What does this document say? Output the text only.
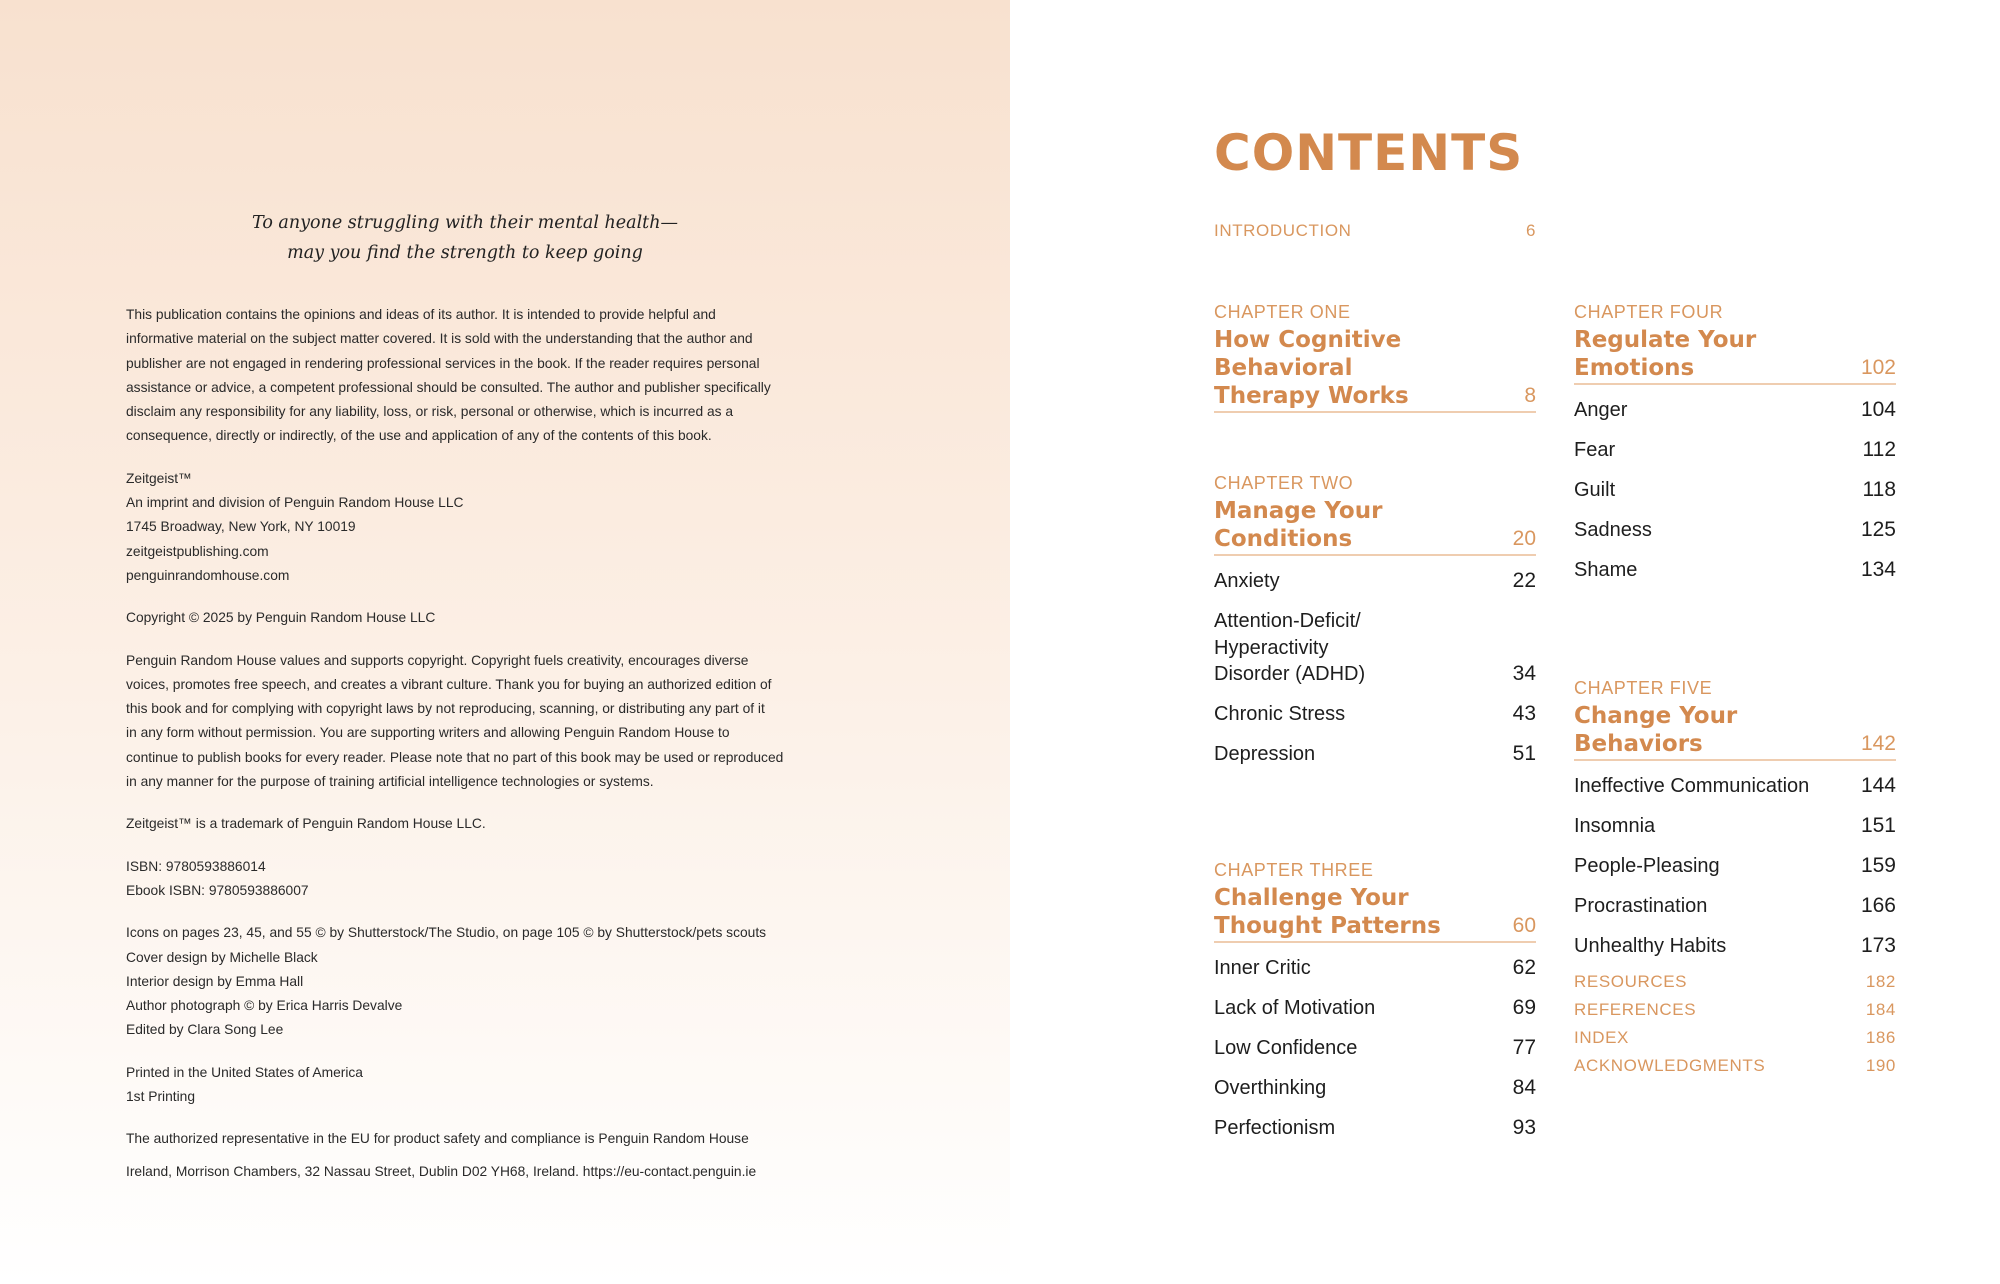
To anyone struggling with their mental health—
may you find the strength to keep going

This publication contains the opinions and ideas of its author. It is intended to provide helpful and
informative material on the subject matter covered. It is sold with the understanding that the author and
publisher are not engaged in rendering professional services in the book. If the reader requires personal
assistance or advice, a competent professional should be consulted. The author and publisher specifically
disclaim any responsibility for any liability, loss, or risk, personal or otherwise, which is incurred as a
consequence, directly or indirectly, of the use and application of any of the contents of this book.

Zeitgeist™
An imprint and division of Penguin Random House LLC
1745 Broadway, New York, NY 10019
zeitgeistpublishing.com
penguinrandomhouse.com

Copyright © 2025 by Penguin Random House LLC

Penguin Random House values and supports copyright. Copyright fuels creativity, encourages diverse
voices, promotes free speech, and creates a vibrant culture. Thank you for buying an authorized edition of
this book and for complying with copyright laws by not reproducing, scanning, or distributing any part of it
in any form without permission. You are supporting writers and allowing Penguin Random House to
continue to publish books for every reader. Please note that no part of this book may be used or reproduced
in any manner for the purpose of training artificial intelligence technologies or systems.

Zeitgeist™ is a trademark of Penguin Random House LLC.

ISBN: 9780593886014
Ebook ISBN: 9780593886007

Icons on pages 23, 45, and 55 © by Shutterstock/The Studio, on page 105 © by Shutterstock/pets scouts
Cover design by Michelle Black
Interior design by Emma Hall
Author photograph © by Erica Harris Devalve
Edited by Clara Song Lee

Printed in the United States of America
1st Printing

The authorized representative in the EU for product safety and compliance is Penguin Random House
Ireland, Morrison Chambers, 32 Nassau Street, Dublin D02 YH68, Ireland. https://eu-contact.penguin.ie

CONTENTS
INTRODUCTION	6
CHAPTER ONE
How Cognitive
Behavioral
Therapy Works	8
CHAPTER TWO
Manage Your
Conditions	20
Anxiety	22
Attention-Deficit/
Hyperactivity
Disorder (ADHD)	34
Chronic Stress	43
Depression	51
CHAPTER THREE
Challenge Your
Thought Patterns	60
Inner Critic	62
Lack of Motivation	69
Low Confidence	77
Overthinking	84
Perfectionism	93
CHAPTER FOUR
Regulate Your
Emotions	102
Anger	104
Fear	112
Guilt	118
Sadness	125
Shame	134
CHAPTER FIVE
Change Your Behaviors	142
Ineffective Communication 144
Insomnia	151
People-Pleasing	159
Procrastination	166
Unhealthy Habits	173
RESOURCES	182
REFERENCES	184
INDEX	186
ACKNOWLEDGMENTS	190
